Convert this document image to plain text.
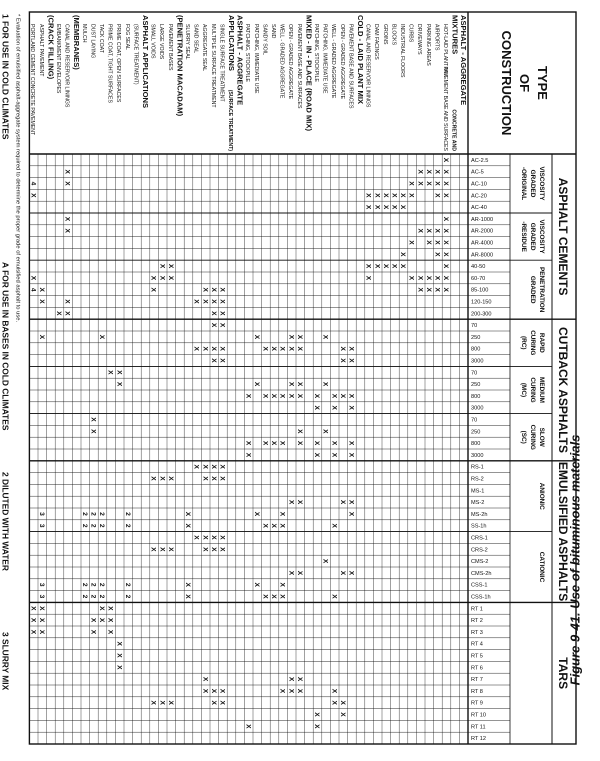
TYPE
OF
CONSTRUCTION
ASPHALT CEMENTS
VISCOSITY
GRADED
-ORIGINAL
VISCOSITY
GRADED
-RESIDUE
PENETRATION
GRADED
CUTBACK ASPHALTS
RAPID
CURING
(RC)
MEDIUM
CURING
(MC)
SLOW
CURING
(SC)
EMULSIFIED ASPHALTS
ANIONIC
CATIONIC
TARS
AC-2.5
AC-5
AC-10
AC-20
AC-40
AR-1000
AR-2000
AR-4000
AR-8000
40-50
60-70
85-100
120-150
200-300
70
250
800
3000
70
250
800
3000
70
250
800
3000
RS-1
RS-2
MS-1
MS-2
MS-2h
SS-1h
CRS-1
CRS-2
CMS-2
CMS-2h
CSS-1
CSS-1h
RT 1
RT 2
RT 3
RT 4
RT 5
RT 6
RT 7
RT 8
RT 9
RT 10
RT 11
RT 12
ASPHALT - AGGREGATE
MIXTURES
CONCRETE AND
HOT-LAID PLANT MIX
PAVEMENT BASE AND SURFACES
AIRPORTS
PARKING AREAS
DRIVEWAYS
CURBS
INDUSTRIAL FLOORS
BLOCKS
GROINS
DAM FACINGS
CANAL AND RESERVOIR LININGS
COLD - LAID PLANT MIX
PAVEMENT BASE AND SURFACES
OPEN - GRADED AGGREGATE
WELL - GRADED AGGREGATE
PATCHING, IMMEDIATE USE
PATCHING, STOCKPILE
MIXED - IN - PLACE (ROAD MIX)
PAVEMENT BASE AND SURFACES
OPEN - GRADED AGGREGATE
WELL - GRADED AGGREGATE
SAND
SANDY SOIL
PATCHING, IMMEDIATE USE
PATCHING, STOCKPILE
ASPHALT - AGGREGATE
APPLICATIONS
(SURFACE TREATMENT)
SINGLE SURFACE TREATMENT
MULTIPLE SURFACE TREATMENT
AGGREGATE SEAL
SAND SEAL
SLURRY SEAL
(PENETRATION MACADAM)
PAVEMENT BASES
LARGE VOIDS
SMALL VOIDS
ASPHALT APPLICATIONS
(SURFACE TREATMENT)
FOG SEAL
PRIME COAT, OPEN SURFACES
PRIME COAT, TIGHT SURFACES
TACK COAT
DUST LAYING
MULCH
(MEMBRANES)
CANAL AND RESERVOIR LININGS
EMBANKMENT ENVELOPES
(CRACK FILLING)
ASPHALT PAVEMENT
PORTLAND CEMENT CONCRETE PAVEMENT
X
X
X
X
X
X
X
X
X
X
X
X
X
X
X
X
X
X
X
X
X
X
X
X
X
X
X
X
X
X
X
X
X
X
X
X
X
X
X
X
X
X
X
X
X
X
X
X
X
X
X
X
X
X
X
X
X
X
X
X
X
X
X
X
X
X
X
X
X
X
X
X
X
X
X
X
X
X
X
X
X
X
X
X
X
X
X
X
X
X
X
X
X
X
X
X
X
X
X
X
X
X
X
X
X
X
X
X
X
X
X
X
X
X
X
X
X
X
X
X
X
X
X
X
X
X
X
X
X
X
X
X
X
X
X
X
X
X
X
X
X
X
X
X
X
X
X
X
X
X
X
X
X
X
X
X
X
X
X
X
X
X
X
X
X
X
X
X
X
X
X
X
X
X
X
X
X
X
X
X
X
X
X
X
X
2
2
2
2
X
X
X
X
X
X
X
X
X
X
2
2
2
2
X
X
X
X
2
2
2
2
X
X
2
2
2
2
X
X
X
X
X
X
X
X
X
X
3
3
3
3
X
X
X
4
X
X
4
X
X
X
* Evaluation of emulsified asphalt-aggregate system required to determine the proper grade of emulsified asphalt to use.
1 FOR USE IN COLD CLIMATES
A FOR USE IN BASES IN COLD CLIMATES
2 DILUTED WITH WATER
3 SLURRY MIX	Figure 9-41. Use of bituminous materials
